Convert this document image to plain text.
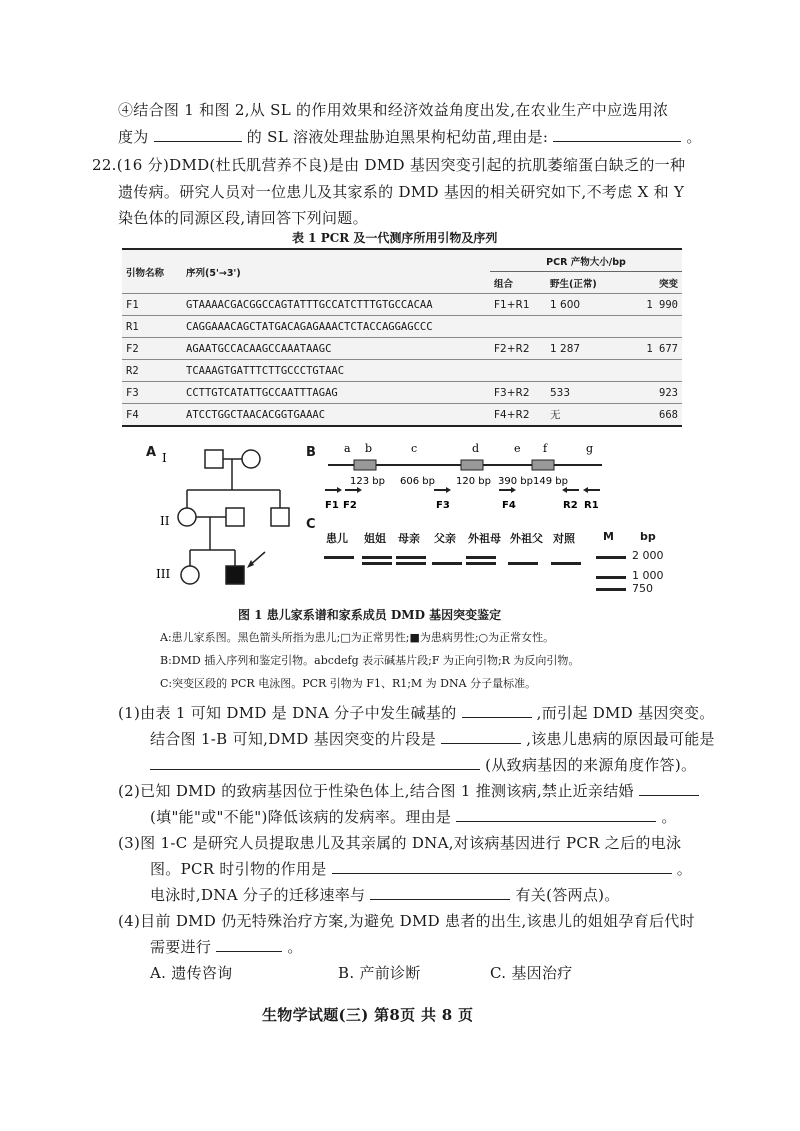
④结合图 1 和图 2,从 SL 的作用效果和经济效益角度出发,在农业生产中应选用浓
度为	的 SL 溶液处理盐胁迫黑果枸杞幼苗,理由是:	。
22.(16 分)DMD(杜氏肌营养不良)是由 DMD 基因突变引起的抗肌萎缩蛋白缺乏的一种
遗传病。研究人员对一位患儿及其家系的 DMD 基因的相关研究如下,不考虑 X 和 Y
染色体的同源区段,请回答下列问题。
表 1 PCR 及一代测序所用引物及序列
引物名称	序列(5'→3')	PCR 产物大小/bp		
		组合	野生(正常)	突变
F1	GTAAAACGACGGCCAGTATTTGCCATCTTTGTGCCACAA	F1+R1	1 600	1 990
R1	CAGGAAACAGCTATGACAGAGAAACTCTACCAGGAGCCC			
F2	AGAATGCCACAAGCCAAATAAGC	F2+R2	1 287	1 677
R2	TCAAAGTGATTTCTTGCCCTGTAAC			
F3	CCTTGTCATATTGCCAATTTAGAG	F3+R2	533	923
F4	ATCCTGGCTAACACGGTGAAAC	F4+R2	无	668
A I
II
III
B	a b	c	d	e f	g
123 bp 606 bp 120 bp 390 bp 149 bp
F1 F2	F3	F4	R2 R1
C
患儿 姐姐 母亲 父亲 外祖母 外祖父 对照	M bp
2 000
1 000
750
图 1 患儿家系谱和家系成员 DMD 基因突变鉴定
A:患儿家系图。黑色箭头所指为患儿;□为正常男性;■为患病男性;○为正常女性。
B:DMD 插入序列和鉴定引物。abcdefg 表示碱基片段;F 为正向引物;R 为反向引物。
C:突变区段的 PCR 电泳图。PCR 引物为 F1、R1;M 为 DNA 分子量标准。
(1)由表 1 可知 DMD 是 DNA 分子中发生碱基的	,而引起 DMD 基因突变。
结合图 1-B 可知,DMD 基因突变的片段是	,该患儿患病的原因最可能是
(从致病基因的来源角度作答)。
(2)已知 DMD 的致病基因位于性染色体上,结合图 1 推测该病,禁止近亲结婚
(填"能"或"不能")降低该病的发病率。理由是	。
(3)图 1-C 是研究人员提取患儿及其亲属的 DNA,对该病基因进行 PCR 之后的电泳
图。PCR 时引物的作用是	。
电泳时,DNA 分子的迁移速率与	有关(答两点)。
(4)目前 DMD 仍无特殊治疗方案,为避免 DMD 患者的出生,该患儿的姐姐孕育后代时
需要进行	。
A. 遗传咨询	B. 产前诊断	C. 基因治疗
生物学试题(三) 第8页 共 8 页
